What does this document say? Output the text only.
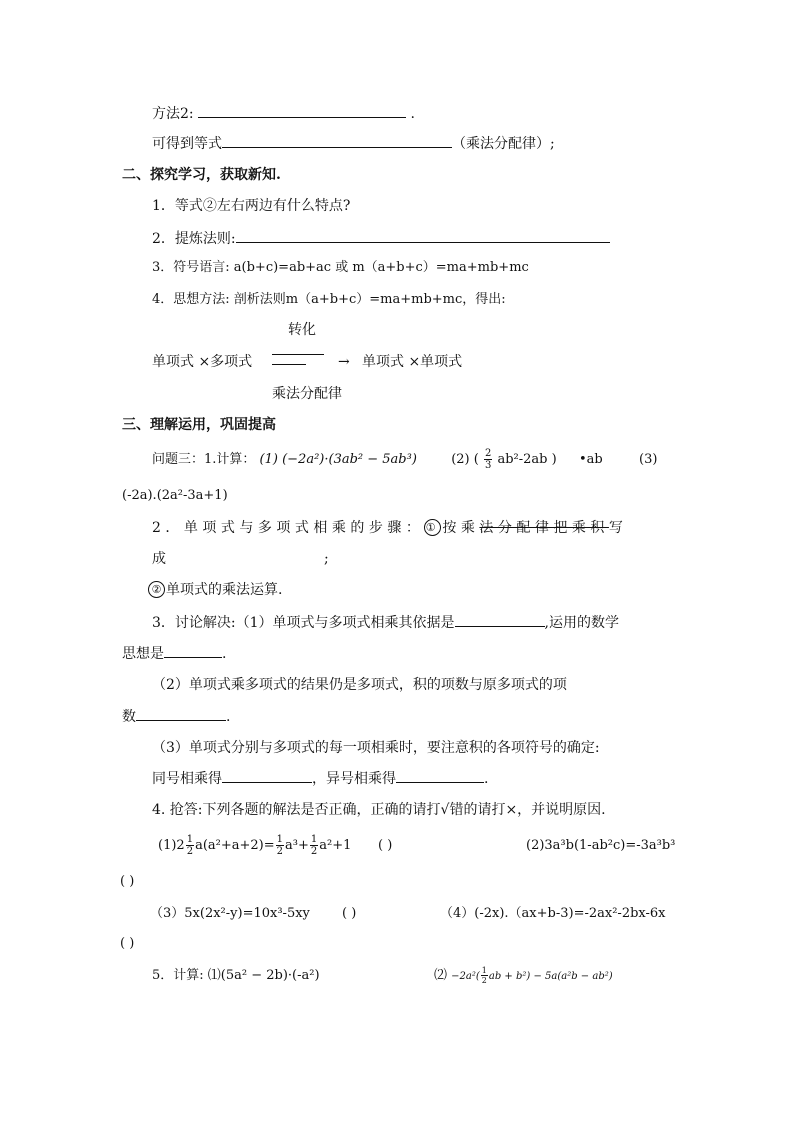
方法2:	.
可得到等式	（乘法分配律）;
二、探究学习，获取新知.
1．等式②左右两边有什么特点?
2．提炼法则:
3．符号语言: a(b+c)=ab+ac 或 m（a+b+c）=ma+mb+mc
4．思想方法: 剖析法则m（a+b+c）=ma+mb+mc，得出:
转化
单项式 ×多项式	→ 单项式 ×单项式
乘法分配律
三、理解运用，巩固提高
问题三：1.计算： (1) (−2a²)·(3ab² − 5ab³)	(2) ( $\frac{2}{3} ab^2-2ab$ ) •ab	(3)
(-2a).(2a²-3a+1)
2．单项式与多项式相乘的步骤：① 按乘法分配律把乘积写
成	;
② 单项式的乘法运算.
3．讨论解决:（1）单项式与多项式相乘其依据是	,运用的数学
思想是	.
（2）单项式乘多项式的结果仍是多项式，积的项数与原多项式的项
数	.
（3）单项式分别与多项式的每一项相乘时，要注意积的各项符号的确定:
同号相乘得	，异号相乘得	.
4. 抢答:下列各题的解法是否正确，正确的请打√错的请打×，并说明原因.
$(1)2 \frac{1}{2} a(a^2+a+2)= \frac{1}{2} a^3+ \frac{1}{2} a^2+1$ ( )	(2)3a³b(1-ab²c)=-3a³b³
( )
（3）5x(2x²-y)=10x³-5xy ( )	（4）(-2x).（ax+b-3)=-2ax²-2bx-6x
( )
5．计算: ⑴(5a² − 2b)·(-a²)	⑵ $-2a^2( \frac{1}{2}$ ab + b²) − 5a(a²b − ab²)
